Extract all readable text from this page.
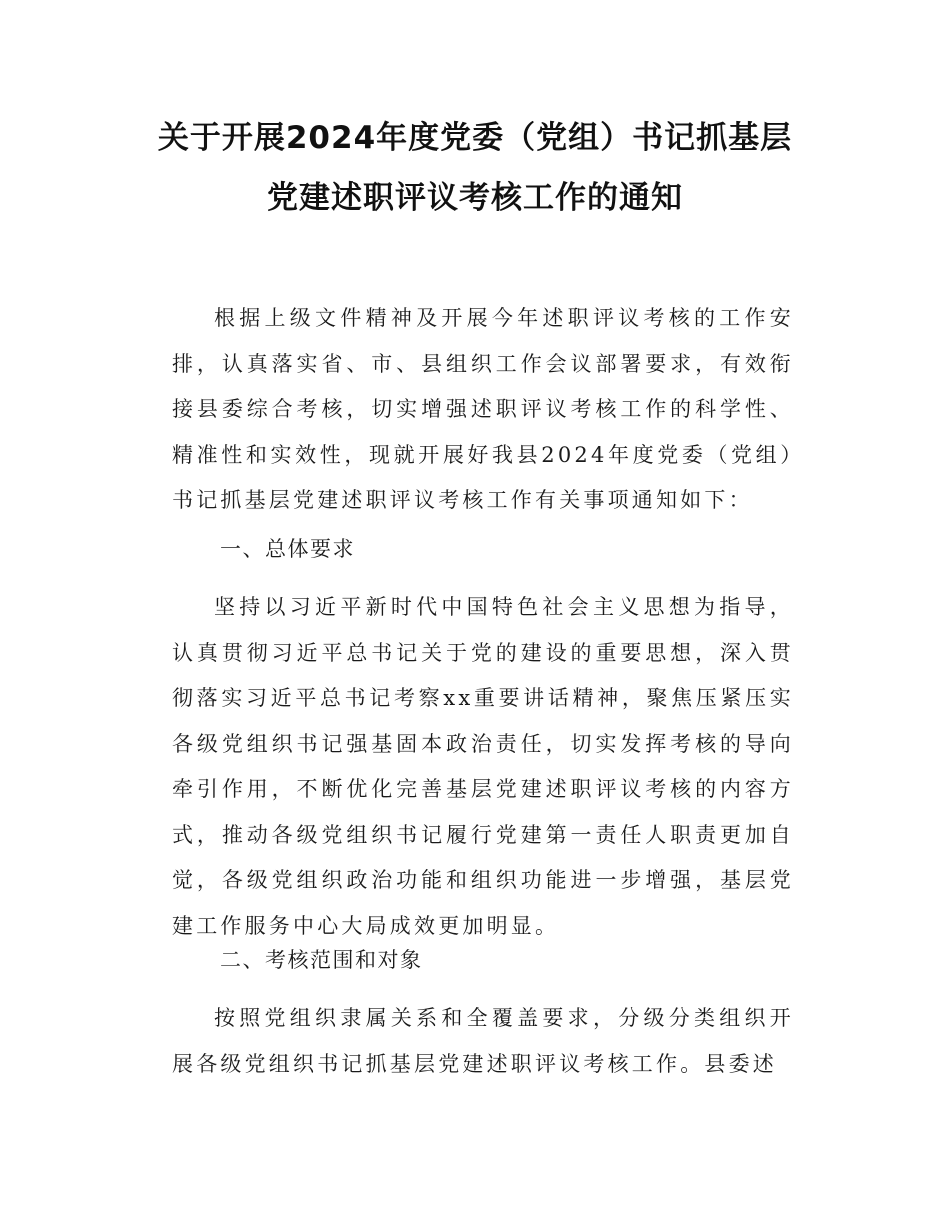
关于开展2024年度党委（党组）书记抓基层
党建述职评议考核工作的通知

根据上级文件精神及开展今年述职评议考核的工作安排，认真落实省、市、县组织工作会议部署要求，有效衔接县委综合考核，切实增强述职评议考核工作的科学性、精准性和实效性，现就开展好我县2024年度党委（党组）书记抓基层党建述职评议考核工作有关事项通知如下：

一、总体要求

坚持以习近平新时代中国特色社会主义思想为指导，认真贯彻习近平总书记关于党的建设的重要思想，深入贯彻落实习近平总书记考察xx重要讲话精神，聚焦压紧压实各级党组织书记强基固本政治责任，切实发挥考核的导向牵引作用，不断优化完善基层党建述职评议考核的内容方式，推动各级党组织书记履行党建第一责任人职责更加自觉，各级党组织政治功能和组织功能进一步增强，基层党建工作服务中心大局成效更加明显。

二、考核范围和对象

按照党组织隶属关系和全覆盖要求，分级分类组织开展各级党组织书记抓基层党建述职评议考核工作。县委述
